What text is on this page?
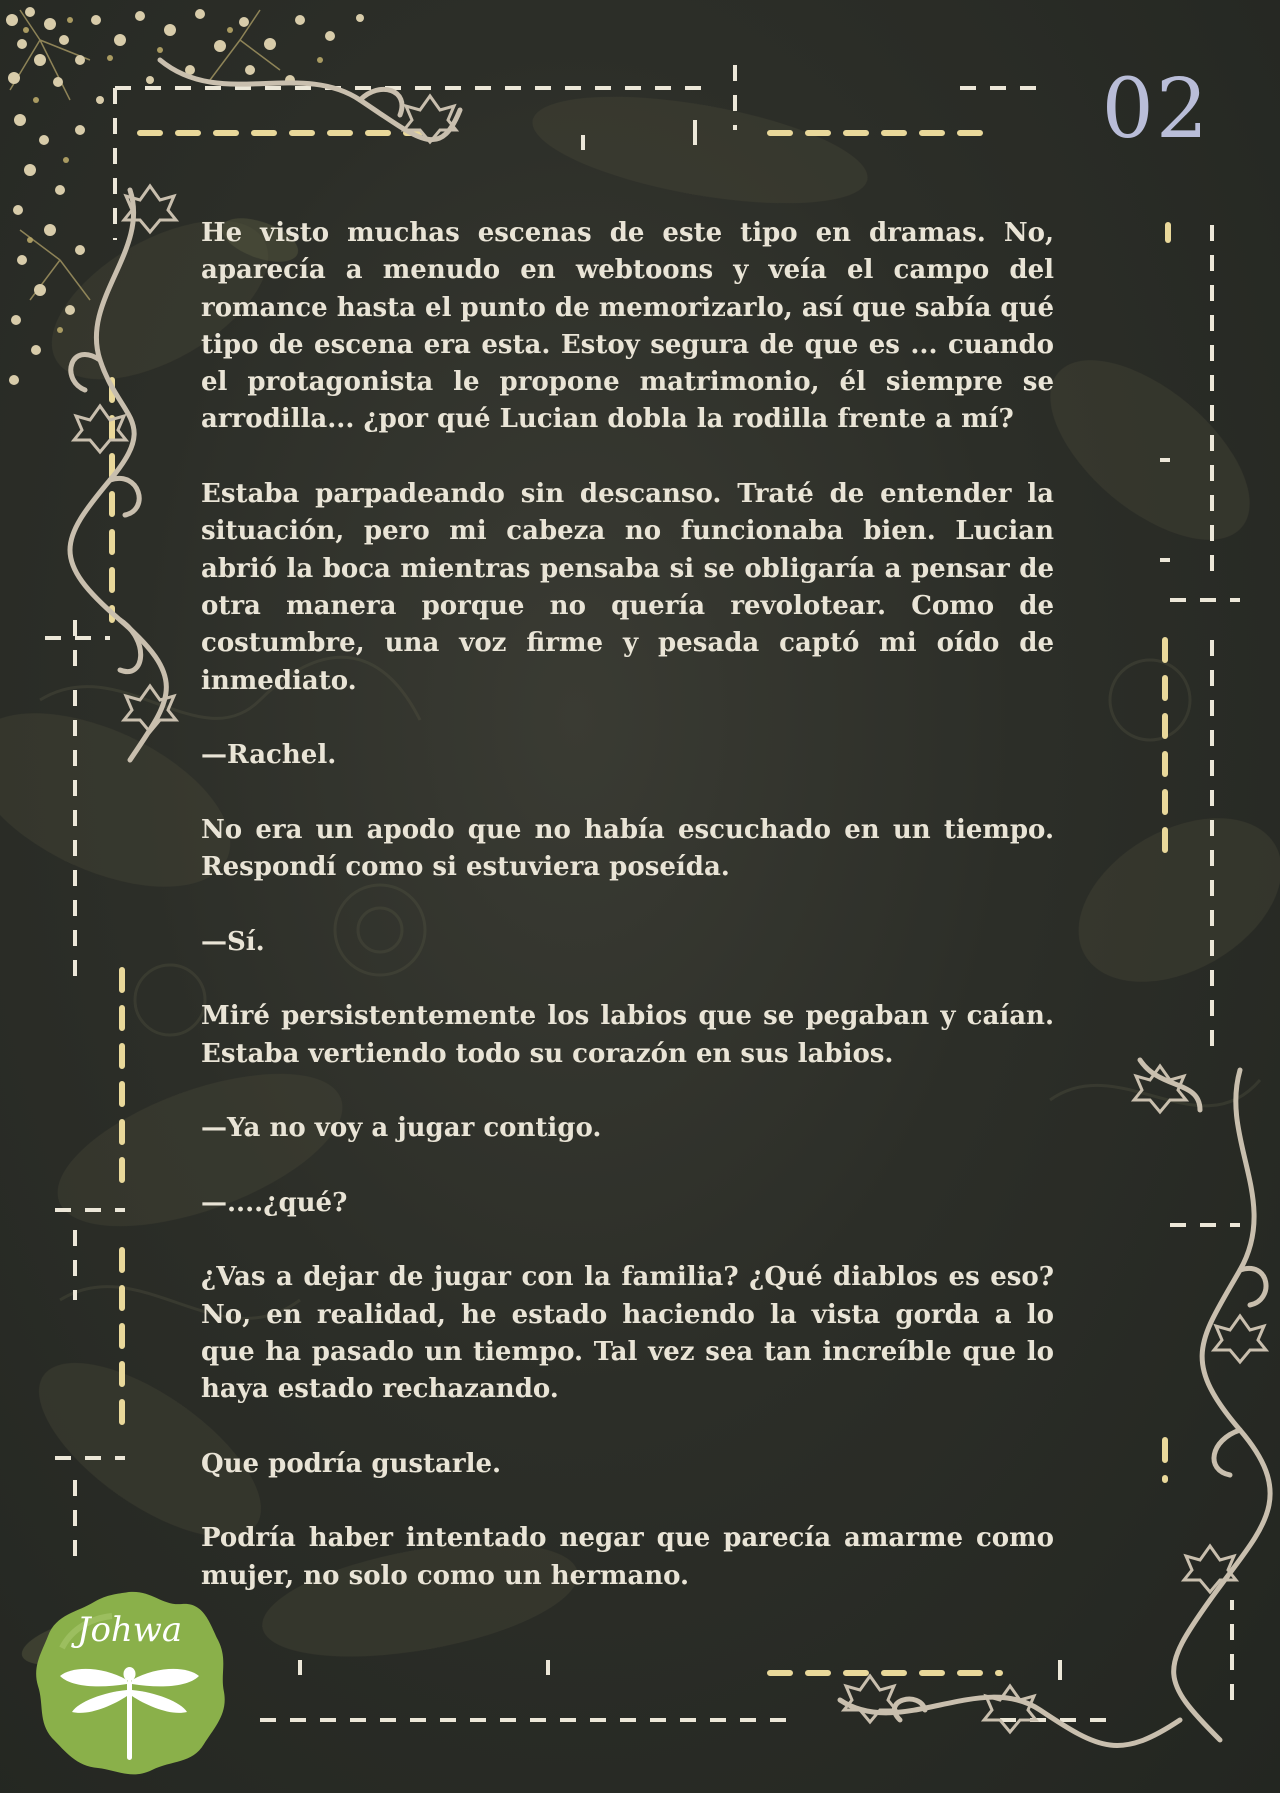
02

He visto muchas escenas de este tipo en dramas. No, aparecía a menudo en webtoons y veía el campo del romance hasta el punto de memorizarlo, así que sabía qué tipo de escena era esta. Estoy segura de que es ... cuando el protagonista le propone matrimonio, él siempre se arrodilla... ¿por qué Lucian dobla la rodilla frente a mí?

Estaba parpadeando sin descanso. Traté de entender la situación, pero mi cabeza no funcionaba bien. Lucian abrió la boca mientras pensaba si se obligaría a pensar de otra manera porque no quería revolotear. Como de costumbre, una voz firme y pesada captó mi oído de inmediato.

—Rachel.

No era un apodo que no había escuchado en un tiempo. Respondí como si estuviera poseída.

—Sí.

Miré persistentemente los labios que se pegaban y caían. Estaba vertiendo todo su corazón en sus labios.

—Ya no voy a jugar contigo.

—....¿qué?

¿Vas a dejar de jugar con la familia? ¿Qué diablos es eso? No, en realidad, he estado haciendo la vista gorda a lo que ha pasado un tiempo. Tal vez sea tan increíble que lo haya estado rechazando.

Que podría gustarle.

Podría haber intentado negar que parecía amarme como mujer, no solo como un hermano.

Johwa
